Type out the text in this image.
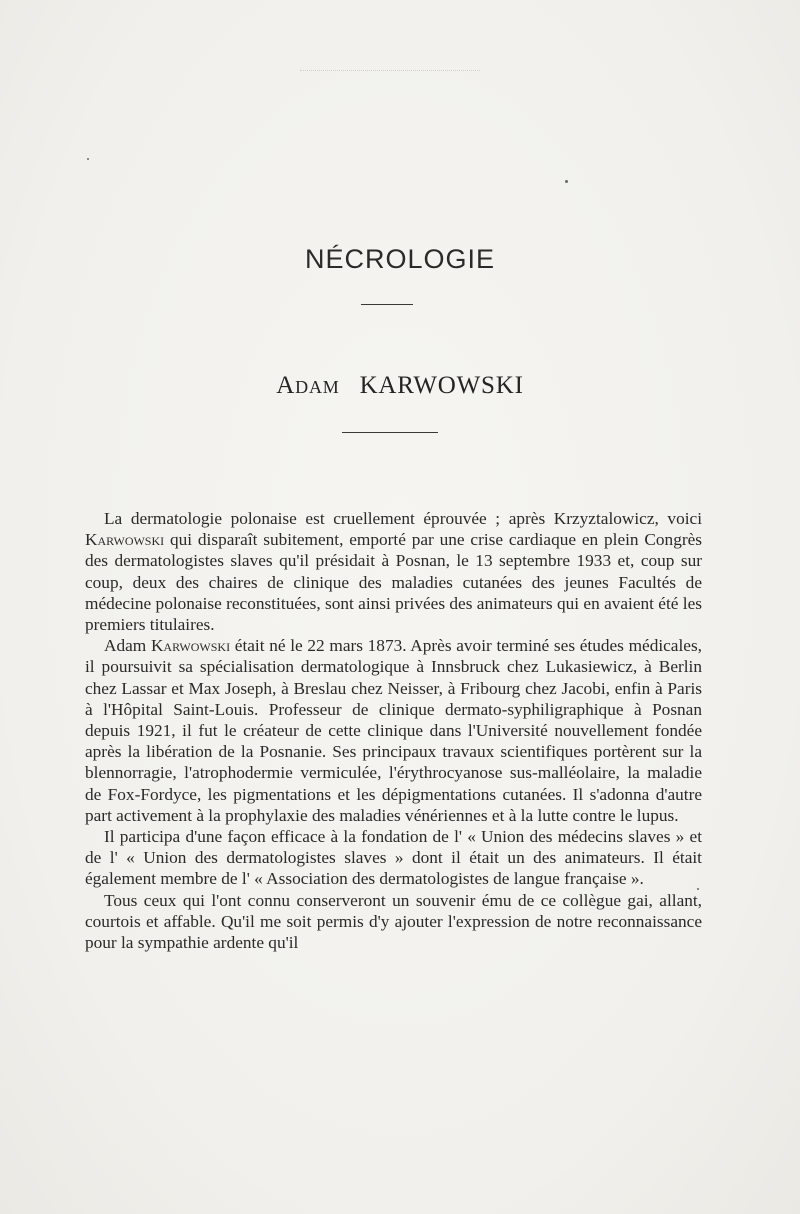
NÉCROLOGIE
Adam KARWOWSKI

La dermatologie polonaise est cruellement éprouvée ; après Krzyztalowicz, voici Karwowski qui disparaît subitement, emporté par une crise cardiaque en plein Congrès des dermatologistes slaves qu'il présidait à Posnan, le 13 septembre 1933 et, coup sur coup, deux des chaires de clinique des maladies cutanées des jeunes Facultés de médecine polonaise reconstituées, sont ainsi privées des animateurs qui en avaient été les premiers titulaires.

Adam Karwowski était né le 22 mars 1873. Après avoir terminé ses études médicales, il poursuivit sa spécialisation dermatologique à Innsbruck chez Lukasiewicz, à Berlin chez Lassar et Max Joseph, à Breslau chez Neisser, à Fribourg chez Jacobi, enfin à Paris à l'Hôpital Saint-Louis. Professeur de clinique dermato-syphiligraphique à Posnan depuis 1921, il fut le créateur de cette clinique dans l'Université nouvellement fondée après la libération de la Posnanie. Ses principaux travaux scientifiques portèrent sur la blennorragie, l'atrophodermie vermiculée, l'érythrocyanose sus-malléolaire, la maladie de Fox-Fordyce, les pigmentations et les dépigmentations cutanées. Il s'adonna d'autre part activement à la prophylaxie des maladies vénériennes et à la lutte contre le lupus.

Il participa d'une façon efficace à la fondation de l' « Union des médecins slaves » et de l' « Union des dermatologistes slaves » dont il était un des animateurs. Il était également membre de l' « Association des dermatologistes de langue française ».

Tous ceux qui l'ont connu conserveront un souvenir ému de ce collègue gai, allant, courtois et affable. Qu'il me soit permis d'y ajouter l'expression de notre reconnaissance pour la sympathie ardente qu'il
